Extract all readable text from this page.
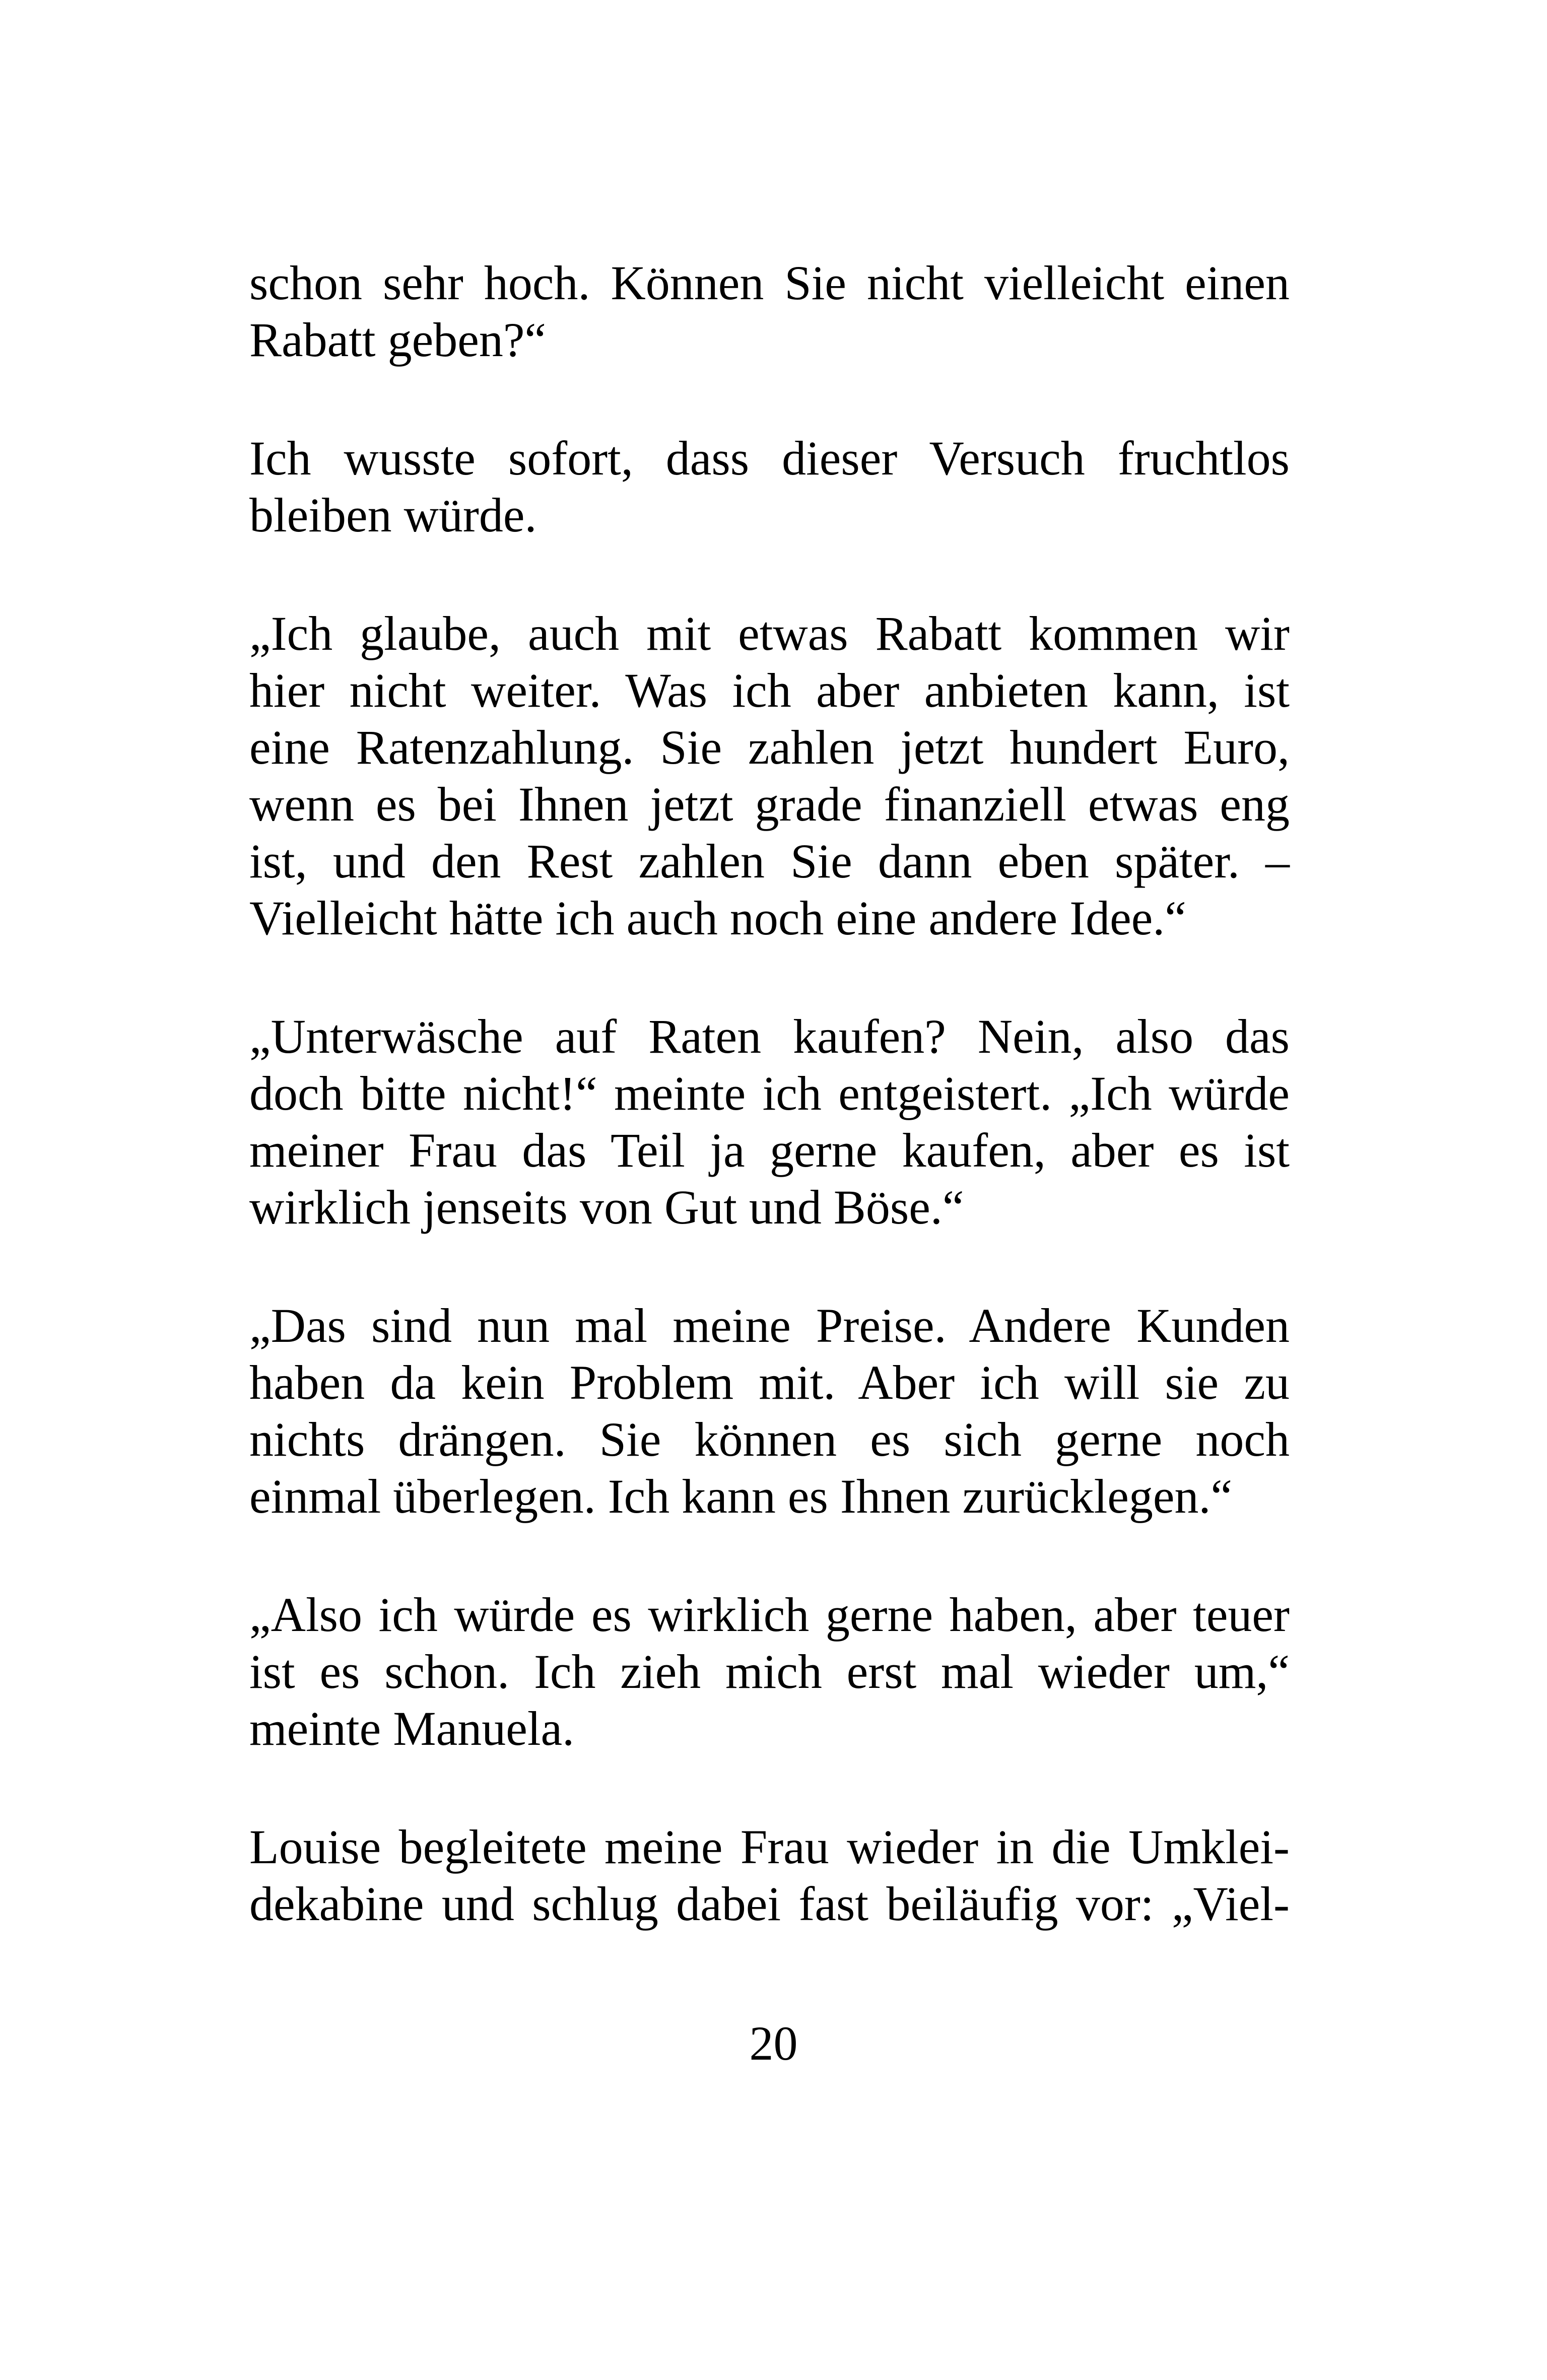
schon sehr hoch. Können Sie nicht vielleicht einen
Rabatt geben?“

Ich wusste sofort, dass dieser Versuch fruchtlos
bleiben würde.

„Ich glaube, auch mit etwas Rabatt kommen wir
hier nicht weiter. Was ich aber anbieten kann, ist
eine Ratenzahlung. Sie zahlen jetzt hundert Euro,
wenn es bei Ihnen jetzt grade finanziell etwas eng
ist, und den Rest zahlen Sie dann eben später. –
Vielleicht hätte ich auch noch eine andere Idee.“

„Unterwäsche auf Raten kaufen? Nein, also das
doch bitte nicht!“ meinte ich entgeistert. „Ich würde
meiner Frau das Teil ja gerne kaufen, aber es ist
wirklich jenseits von Gut und Böse.“

„Das sind nun mal meine Preise. Andere Kunden
haben da kein Problem mit. Aber ich will sie zu
nichts drängen. Sie können es sich gerne noch
einmal überlegen. Ich kann es Ihnen zurücklegen.“

„Also ich würde es wirklich gerne haben, aber teuer
ist es schon. Ich zieh mich erst mal wieder um,“
meinte Manuela.

Louise begleitete meine Frau wieder in die Umklei-
dekabine und schlug dabei fast beiläufig vor: „Viel-

20
